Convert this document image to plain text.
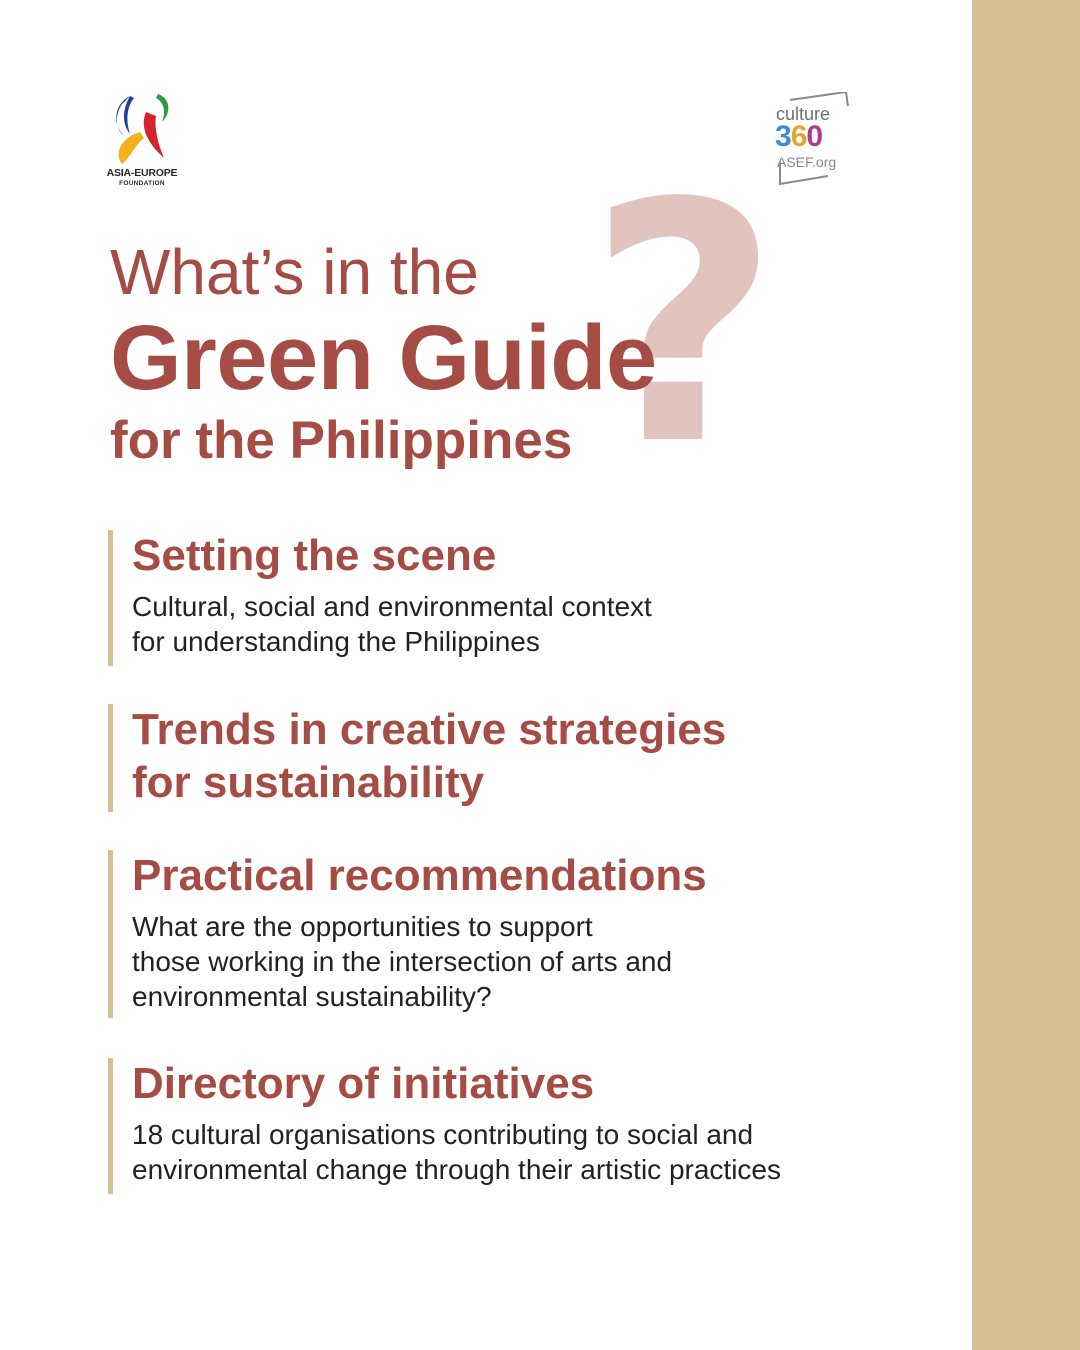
ASIA-EUROPE
FOUNDATION
culture
360
ASEF.org
?
What’s in the
Green Guide
for the Philippines
Setting the scene

Cultural, social and environmental context
for understanding the Philippines

Trends in creative strategies
for sustainability
Practical recommendations

What are the opportunities to support
those working in the intersection of arts and
environmental sustainability?

Directory of initiatives

18 cultural organisations contributing to social and
environmental change through their artistic practices
